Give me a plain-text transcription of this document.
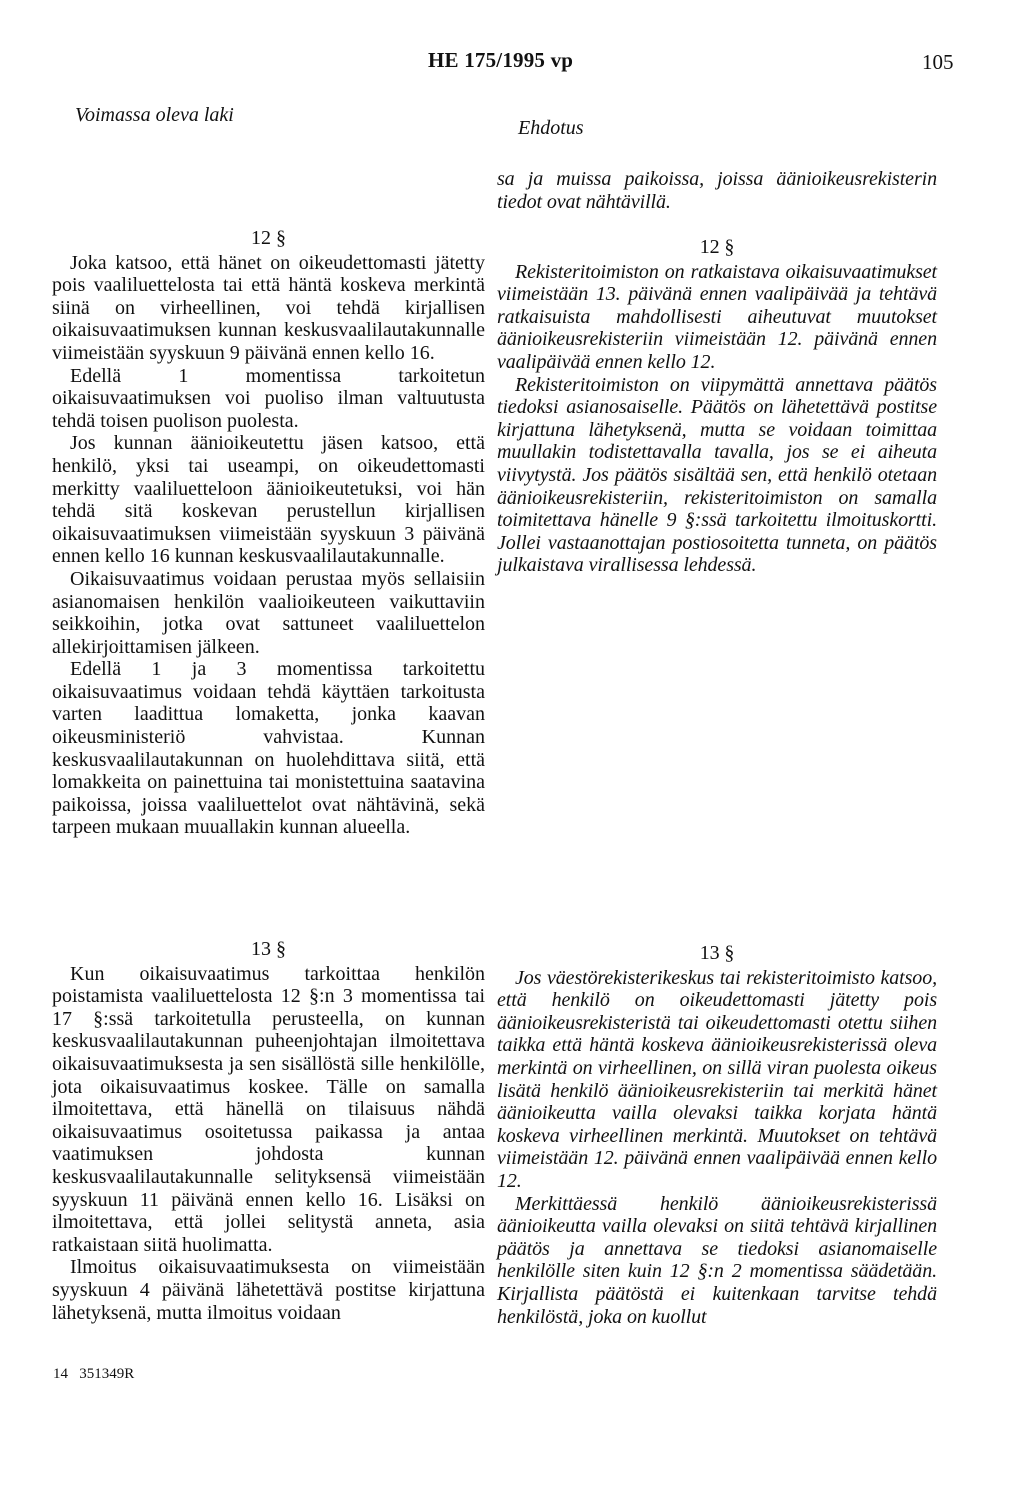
HE 175/1995 vp	105
Voimassa oleva laki
Ehdotus
12 §

Joka katsoo, että hänet on oikeudettomasti jätetty pois vaaliluettelosta tai että häntä koskeva merkintä siinä on virheellinen, voi tehdä kirjallisen oikaisuvaatimuksen kunnan keskusvaalilautakunnalle viimeistään syyskuun 9 päivänä ennen kello 16.

Edellä 1 momentissa tarkoitetun oikaisuvaatimuksen voi puoliso ilman valtuutusta tehdä toisen puolison puolesta.

Jos kunnan äänioikeutettu jäsen katsoo, että henkilö, yksi tai useampi, on oikeudettomasti merkitty vaaliluetteloon äänioikeutetuksi, voi hän tehdä sitä koskevan perustellun kirjallisen oikaisuvaatimuksen viimeistään syyskuun 3 päivänä ennen kello 16 kunnan keskusvaalilautakunnalle.

Oikaisuvaatimus voidaan perustaa myös sellaisiin asianomaisen henkilön vaalioikeuteen vaikuttaviin seikkoihin, jotka ovat sattuneet vaaliluettelon allekirjoittamisen jälkeen.

Edellä 1 ja 3 momentissa tarkoitettu oikaisuvaatimus voidaan tehdä käyttäen tarkoitusta varten laadittua lomaketta, jonka kaavan oikeusministeriö vahvistaa. Kunnan keskusvaalilautakunnan on huolehdittava siitä, että lomakkeita on painettuina tai monistettuina saatavina paikoissa, joissa vaaliluettelot ovat nähtävinä, sekä tarpeen mukaan muuallakin kunnan alueella.

13 §

Kun oikaisuvaatimus tarkoittaa henkilön poistamista vaaliluettelosta 12 §:n 3 momentissa tai 17 §:ssä tarkoitetulla perusteella, on kunnan keskusvaalilautakunnan puheenjohtajan ilmoitettava oikaisuvaatimuksesta ja sen sisällöstä sille henkilölle, jota oikaisuvaatimus koskee. Tälle on samalla ilmoitettava, että hänellä on tilaisuus nähdä oikaisuvaatimus osoitetussa paikassa ja antaa vaatimuksen johdosta kunnan keskusvaalilautakunnalle selityksensä viimeistään syyskuun 11 päivänä ennen kello 16. Lisäksi on ilmoitettava, että jollei selitystä anneta, asia ratkaistaan siitä huolimatta.

Ilmoitus oikaisuvaatimuksesta on viimeistään syyskuun 4 päivänä lähetettävä postitse kirjattuna lähetyksenä, mutta ilmoitus voidaan

sa ja muissa paikoissa, joissa äänioikeusrekisterin tiedot ovat nähtävillä.

12 §

Rekisteritoimiston on ratkaistava oikaisuvaatimukset viimeistään 13. päivänä ennen vaalipäivää ja tehtävä ratkaisuista mahdollisesti aiheutuvat muutokset äänioikeusrekisteriin viimeistään 12. päivänä ennen vaalipäivää ennen kello 12.

Rekisteritoimiston on viipymättä annettava päätös tiedoksi asianosaiselle. Päätös on lähetettävä postitse kirjattuna lähetyksenä, mutta se voidaan toimittaa muullakin todistettavalla tavalla, jos se ei aiheuta viivytystä. Jos päätös sisältää sen, että henkilö otetaan äänioikeusrekisteriin, rekisteritoimiston on samalla toimitettava hänelle 9 §:ssä tarkoitettu ilmoituskortti. Jollei vastaanottajan postiosoitetta tunneta, on päätös julkaistava virallisessa lehdessä.

13 §

Jos väestörekisterikeskus tai rekisteritoimisto katsoo, että henkilö on oikeudettomasti jätetty pois äänioikeusrekisteristä tai oikeudettomasti otettu siihen taikka että häntä koskeva äänioikeusrekisterissä oleva merkintä on virheellinen, on sillä viran puolesta oikeus lisätä henkilö äänioikeusrekisteriin tai merkitä hänet äänioikeutta vailla olevaksi taikka korjata häntä koskeva virheellinen merkintä. Muutokset on tehtävä viimeistään 12. päivänä ennen vaalipäivää ennen kello 12.

Merkittäessä henkilö äänioikeusrekisterissä äänioikeutta vailla olevaksi on siitä tehtävä kirjallinen päätös ja annettava se tiedoksi asianomaiselle henkilölle siten kuin 12 §:n 2 momentissa säädetään. Kirjallista päätöstä ei kuitenkaan tarvitse tehdä henkilöstä, joka on kuollut

14   351349R
